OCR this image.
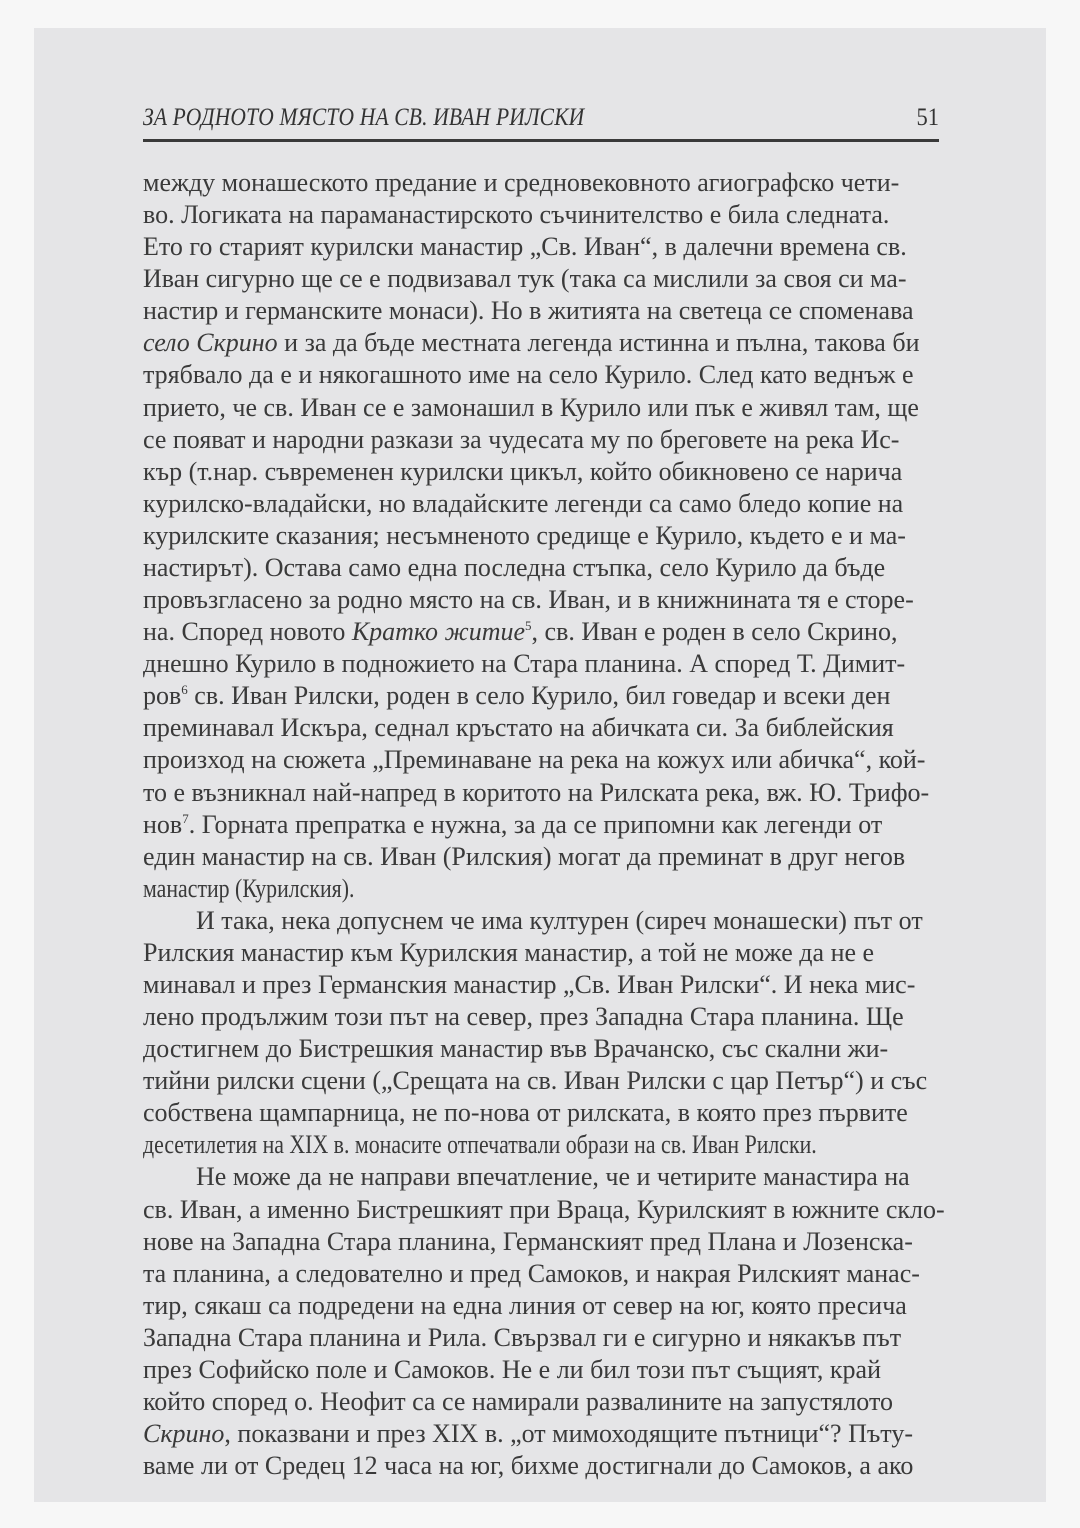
ЗА РОДНОТО МЯСТО НА СВ. ИВАН РИЛСКИ	51
между монашеското предание и средновековното агиографско чети-
во. Логиката на параманастирското съчинителство е била следната.
Ето го старият курилски манастир „Св. Иван“, в далечни времена св.
Иван сигурно ще се е подвизавал тук (така са мислили за своя си ма-
настир и германските монаси). Но в житията на светеца се споменава
село Скрино и за да бъде местната легенда истинна и пълна, такова би
трябвало да е и някогашното име на село Курило. След като веднъж е
прието, че св. Иван се е замонашил в Курило или пък е живял там, ще
се появат и народни разкази за чудесата му по бреговете на река Ис-
кър (т.нар. съвременен курилски цикъл, който обикновено се нарича
курилско-владайски, но владайските легенди са само бледо копие на
курилските сказания; несъмненото средище е Курило, където е и ма-
настирът). Остава само една последна стъпка, село Курило да бъде
провъзгласено за родно място на св. Иван, и в книжнината тя е сторе-
на. Според новото Кратко житие$^5$, св. Иван е роден в село Скрино,
днешно Курило в подножието на Стара планина. А според Т. Димит-
ров$^6$ св. Иван Рилски, роден в село Курило, бил говедар и всеки ден
преминавал Искъра, седнал кръстато на абичката си. За библейския
произход на сюжета „Преминаване на река на кожух или абичка“, кой-
то е възникнал най-напред в коритото на Рилската река, вж. Ю. Трифо-
нов$^7$. Горната препратка е нужна, за да се припомни как легенди от
един манастир на св. Иван (Рилския) могат да преминат в друг негов
манастир (Курилския).
И така, нека допуснем че има културен (сиреч монашески) път от
Рилския манастир към Курилския манастир, а той не може да не е
минавал и през Германския манастир „Св. Иван Рилски“. И нека мис-
лено продължим този път на север, през Западна Стара планина. Ще
достигнем до Бистрешкия манастир във Врачанско, със скални жи-
тийни рилски сцени („Срещата на св. Иван Рилски с цар Петър“) и със
собствена щампарница, не по-нова от рилската, в която през първите
десетилетия на XIX в. монасите отпечатвали образи на св. Иван Рилски.
Не може да не направи впечатление, че и четирите манастира на
св. Иван, а именно Бистрешкият при Враца, Курилският в южните скло-
нове на Западна Стара планина, Германският пред Плана и Лозенска-
та планина, а следователно и пред Самоков, и накрая Рилският манас-
тир, сякаш са подредени на една линия от север на юг, която пресича
Западна Стара планина и Рила. Свързвал ги е сигурно и някакъв път
през Софийско поле и Самоков. Не е ли бил този път същият, край
който според о. Неофит са се намирали развалините на запустялото
Скрино, показвани и през XIX в. „от мимоходящите пътници“? Пъту-
ваме ли от Средец 12 часа на юг, бихме достигнали до Самоков, а ако
